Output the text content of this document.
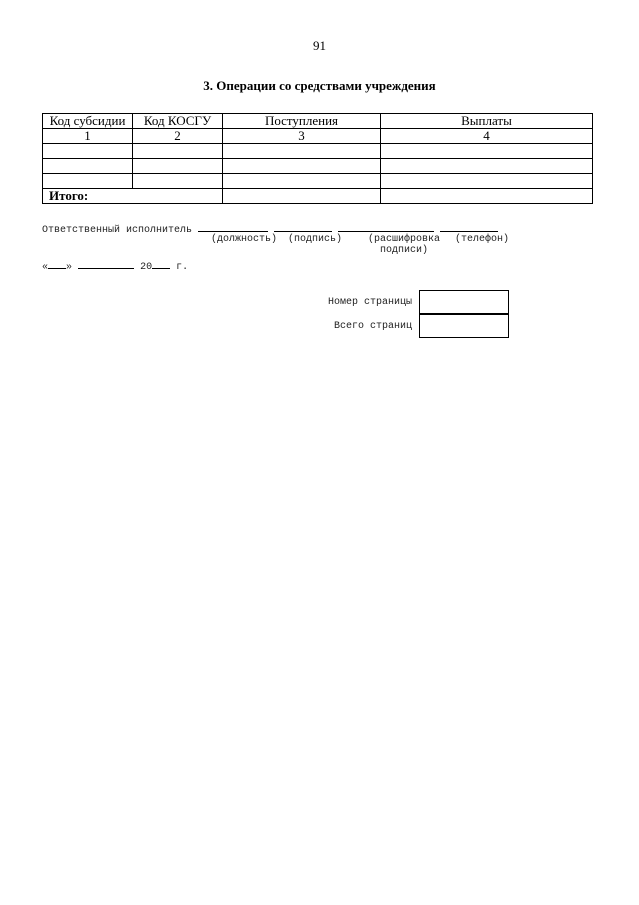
91
3. Операции со средствами учреждения
Код субсидии	Код КОСГУ	Поступления	Выплаты
1	2	3	4

Итого:			
Ответственный исполнитель
(должность) (подпись)	(расшифровка
подписи)
(телефон)
« »	20 г.
Номер страницы
Всего страниц
